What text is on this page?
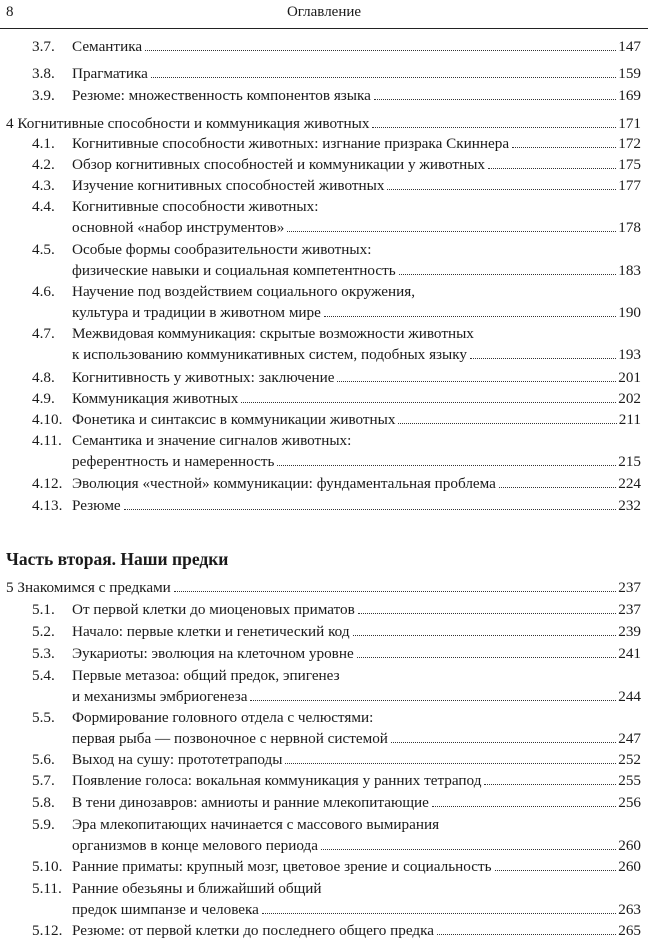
8	Оглавление
3.7. Семантика	147
3.8. Прагматика	159
3.9. Резюме: множественность компонентов языка	169
4 Когнитивные способности и коммуникация животных	171
4.1. Когнитивные способности животных: изгнание призрака Скиннера	172
4.2. Обзор когнитивных способностей и коммуникации у животных	175
4.3. Изучение когнитивных способностей животных	177
4.4. Когнитивные способности животных:
основной «набор инструментов»	178
4.5. Особые формы сообразительности животных:
физические навыки и социальная компетентность	183
4.6. Научение под воздействием социального окружения,
культура и традиции в животном мире	190
4.7. Межвидовая коммуникация: скрытые возможности животных
к использованию коммуникативных систем, подобных языку	193
4.8. Когнитивность у животных: заключение	201
4.9. Коммуникация животных	202
4.10. Фонетика и синтаксис в коммуникации животных	211
4.11. Семантика и значение сигналов животных:
референтность и намеренность	215
4.12. Эволюция «честной» коммуникации: фундаментальная проблема	224
4.13. Резюме	232
5 Знакомимся с предками	237
5.1. От первой клетки до миоценовых приматов	237
5.2. Начало: первые клетки и генетический код	239
5.3. Эукариоты: эволюция на клеточном уровне	241
5.4. Первые метазоа: общий предок, эпигенез
и механизмы эмбриогенеза	244
5.5. Формирование головного отдела с челюстями:
первая рыба — позвоночное с нервной системой	247
5.6. Выход на сушу: прототетраподы	252
5.7. Появление голоса: вокальная коммуникация у ранних тетрапод	255
5.8. В тени динозавров: амниоты и ранние млекопитающие	256
5.9. Эра млекопитающих начинается с массового вымирания
организмов в конце мелового периода	260
5.10. Ранние приматы: крупный мозг, цветовое зрение и социальность	260
5.11. Ранние обезьяны и ближайший общий
предок шимпанзе и человека	263
5.12. Резюме: от первой клетки до последнего общего предка	265
Часть вторая. Наши предки
